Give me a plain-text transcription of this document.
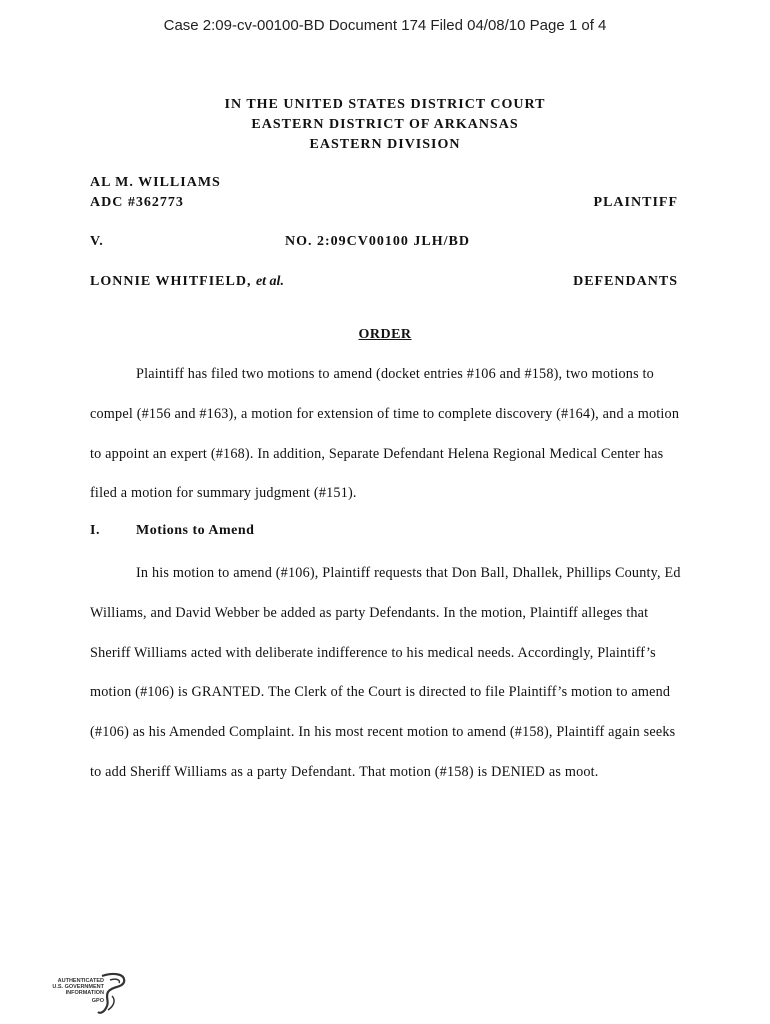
Case 2:09-cv-00100-BD Document 174 Filed 04/08/10 Page 1 of 4
IN THE UNITED STATES DISTRICT COURT
EASTERN DISTRICT OF ARKANSAS
EASTERN DIVISION
AL M. WILLIAMS
ADC #362773	PLAINTIFF
V.	NO. 2:09CV00100 JLH/BD
LONNIE WHITFIELD, et al.	DEFENDANTS
ORDER

Plaintiff has filed two motions to amend (docket entries #106 and #158), two motions to compel (#156 and #163), a motion for extension of time to complete discovery (#164), and a motion to appoint an expert (#168). In addition, Separate Defendant Helena Regional Medical Center has filed a motion for summary judgment (#151).

I.	Motions to Amend

In his motion to amend (#106), Plaintiff requests that Don Ball, Dhallek, Phillips County, Ed Williams, and David Webber be added as party Defendants. In the motion, Plaintiff alleges that Sheriff Williams acted with deliberate indifference to his medical needs. Accordingly, Plaintiff’s motion (#106) is GRANTED. The Clerk of the Court is directed to file Plaintiff’s motion to amend (#106) as his Amended Complaint. In his most recent motion to amend (#158), Plaintiff again seeks to add Sheriff Williams as a party Defendant. That motion (#158) is DENIED as moot.

AUTHENTICATED
U.S. GOVERNMENT
INFORMATION
GPO
